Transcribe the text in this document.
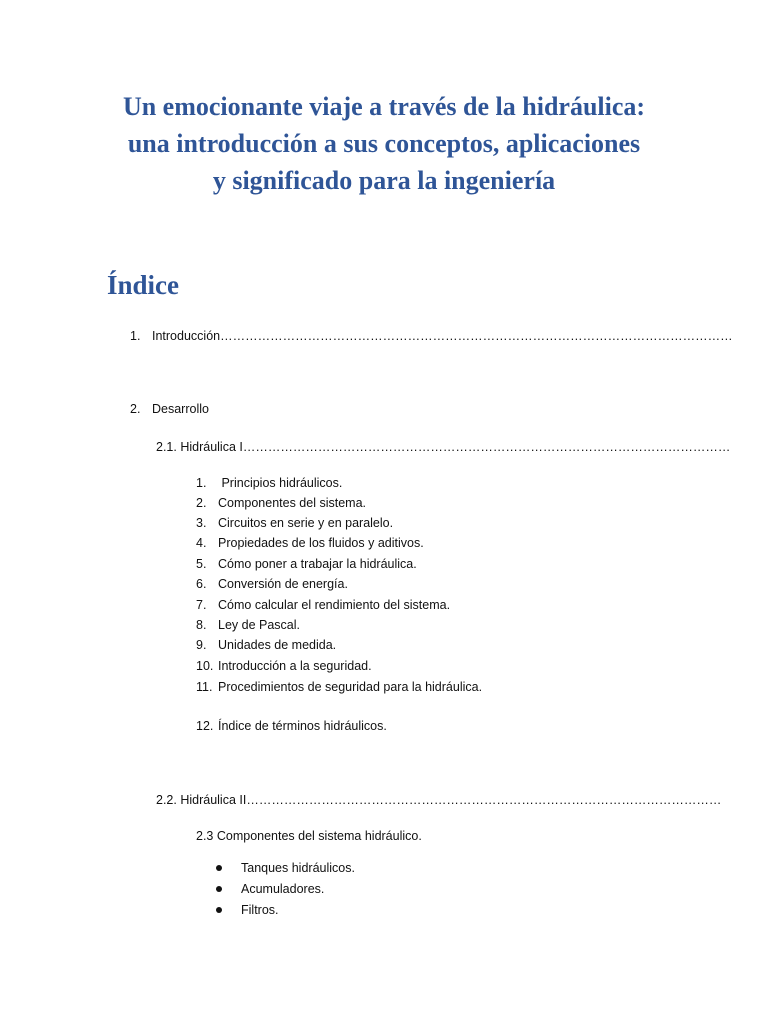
Un emocionante viaje a través de la hidráulica:
una introducción a sus conceptos, aplicaciones
y significado para la ingeniería
Índice
1. Introducción……………………………………………………………………………………………………………
2. Desarrollo
2.1. Hidráulica I………………………………………………………………………………………………………
1. Principios hidráulicos.
2. Componentes del sistema.
3. Circuitos en serie y en paralelo.
4. Propiedades de los fluidos y aditivos.
5. Cómo poner a trabajar la hidráulica.
6. Conversión de energía.
7. Cómo calcular el rendimiento del sistema.
8. Ley de Pascal.
9. Unidades de medida.
10. Introducción a la seguridad.
11. Procedimientos de seguridad para la hidráulica.
12. Índice de términos hidráulicos.
2.2. Hidráulica II……………………………………………………………………………………………………
2.3 Componentes del sistema hidráulico.
Tanques hidráulicos.
Acumuladores.
Filtros.
